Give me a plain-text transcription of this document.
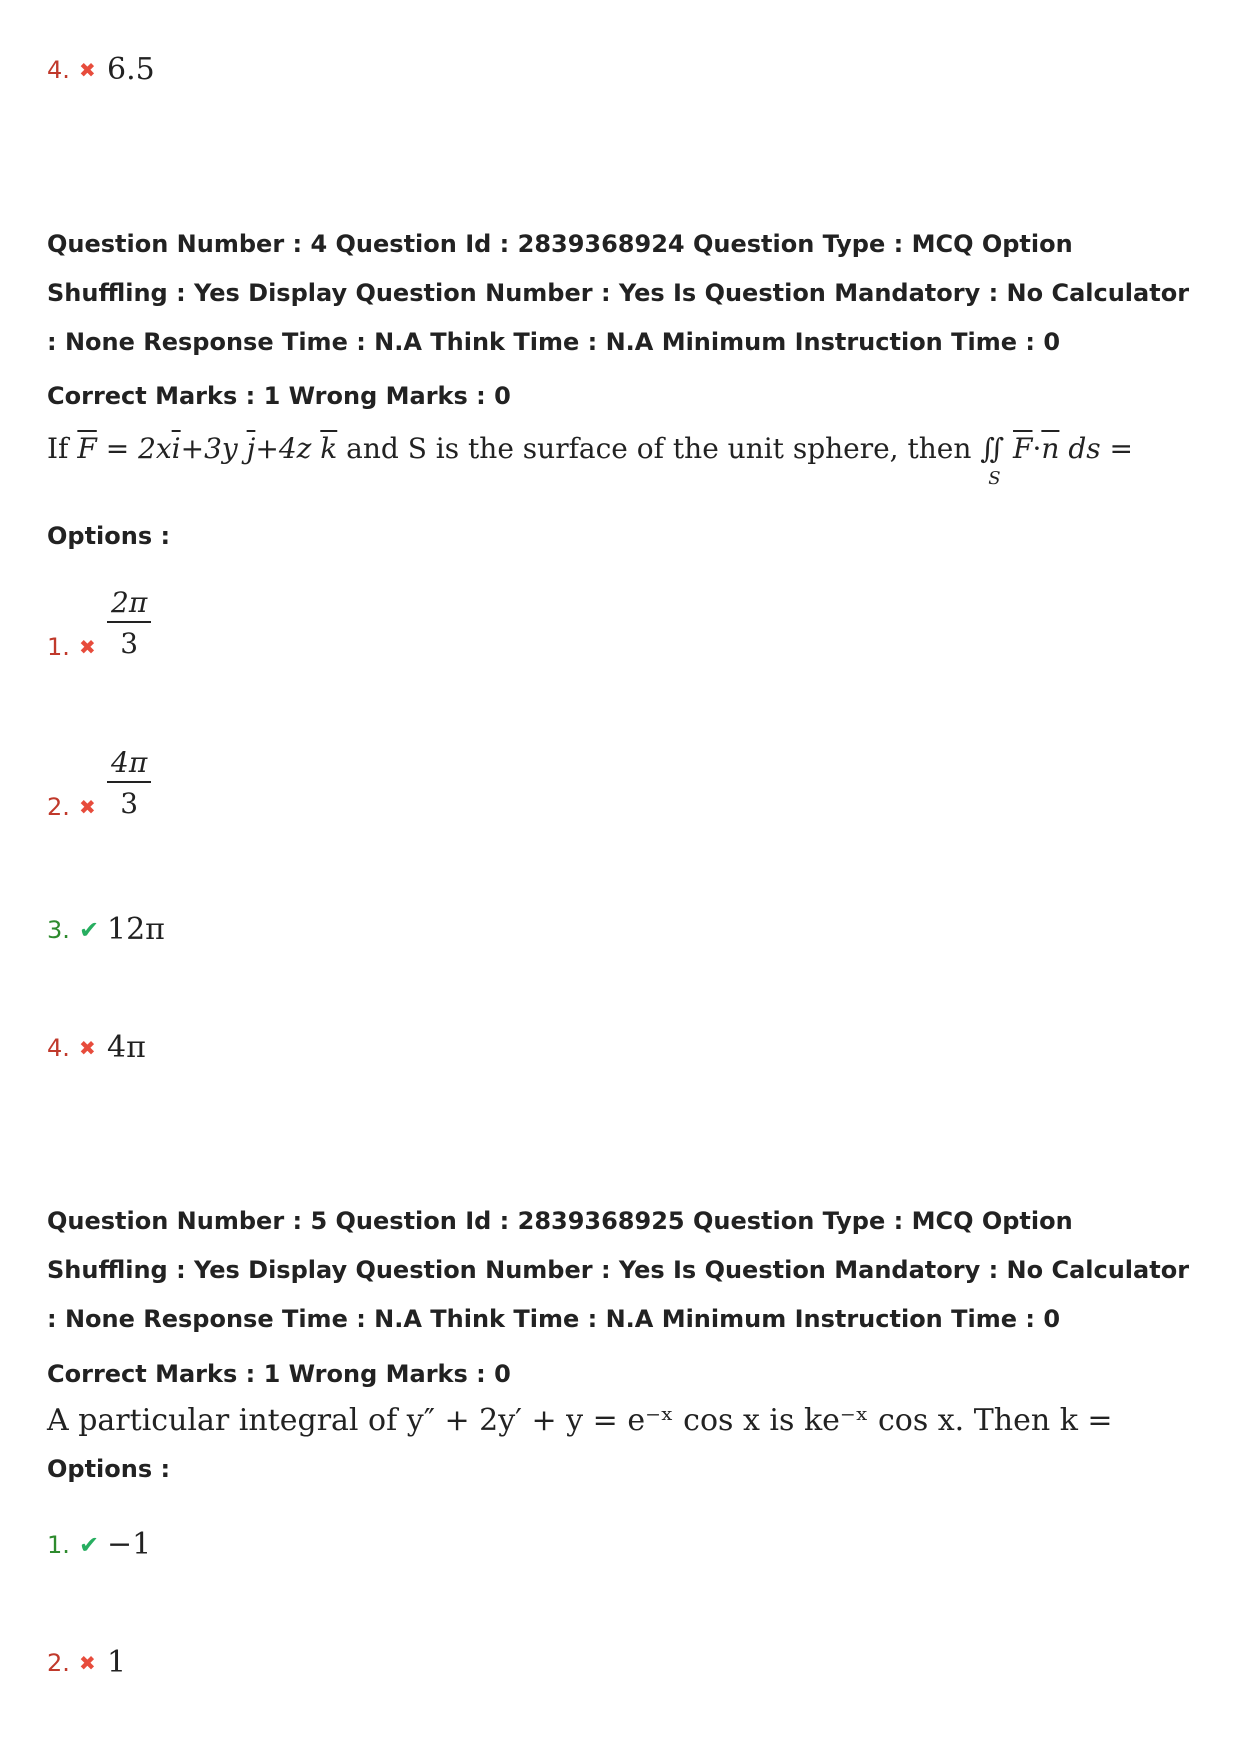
4. ✖ 6.5
Question Number : 4 Question Id : 2839368924 Question Type : MCQ Option Shuffling : Yes Display Question Number : Yes Is Question Mandatory : No Calculator : None Response Time : N.A Think Time : N.A Minimum Instruction Time : 0
Correct Marks : 1 Wrong Marks : 0
If $\overline{F} = 2x\overline{i}+3y$ $\overline{j}+4z$ $\overline{k}$ and S is the surface of the unit sphere, then ∬
S
$\overline{F}\cdot\overline{n}$ ds =
Options :
1. ✖ $\frac{2\pi}{3}$
2. ✖ $\frac{4\pi}{3}$
3. ✔ 12π
4. ✖ 4π
Question Number : 5 Question Id : 2839368925 Question Type : MCQ Option Shuffling : Yes Display Question Number : Yes Is Question Mandatory : No Calculator : None Response Time : N.A Think Time : N.A Minimum Instruction Time : 0
Correct Marks : 1 Wrong Marks : 0
A particular integral of y″ + 2y′ + y = e⁻ˣ cos x is ke⁻ˣ cos x. Then k =
Options :
1. ✔ −1
2. ✖ 1
